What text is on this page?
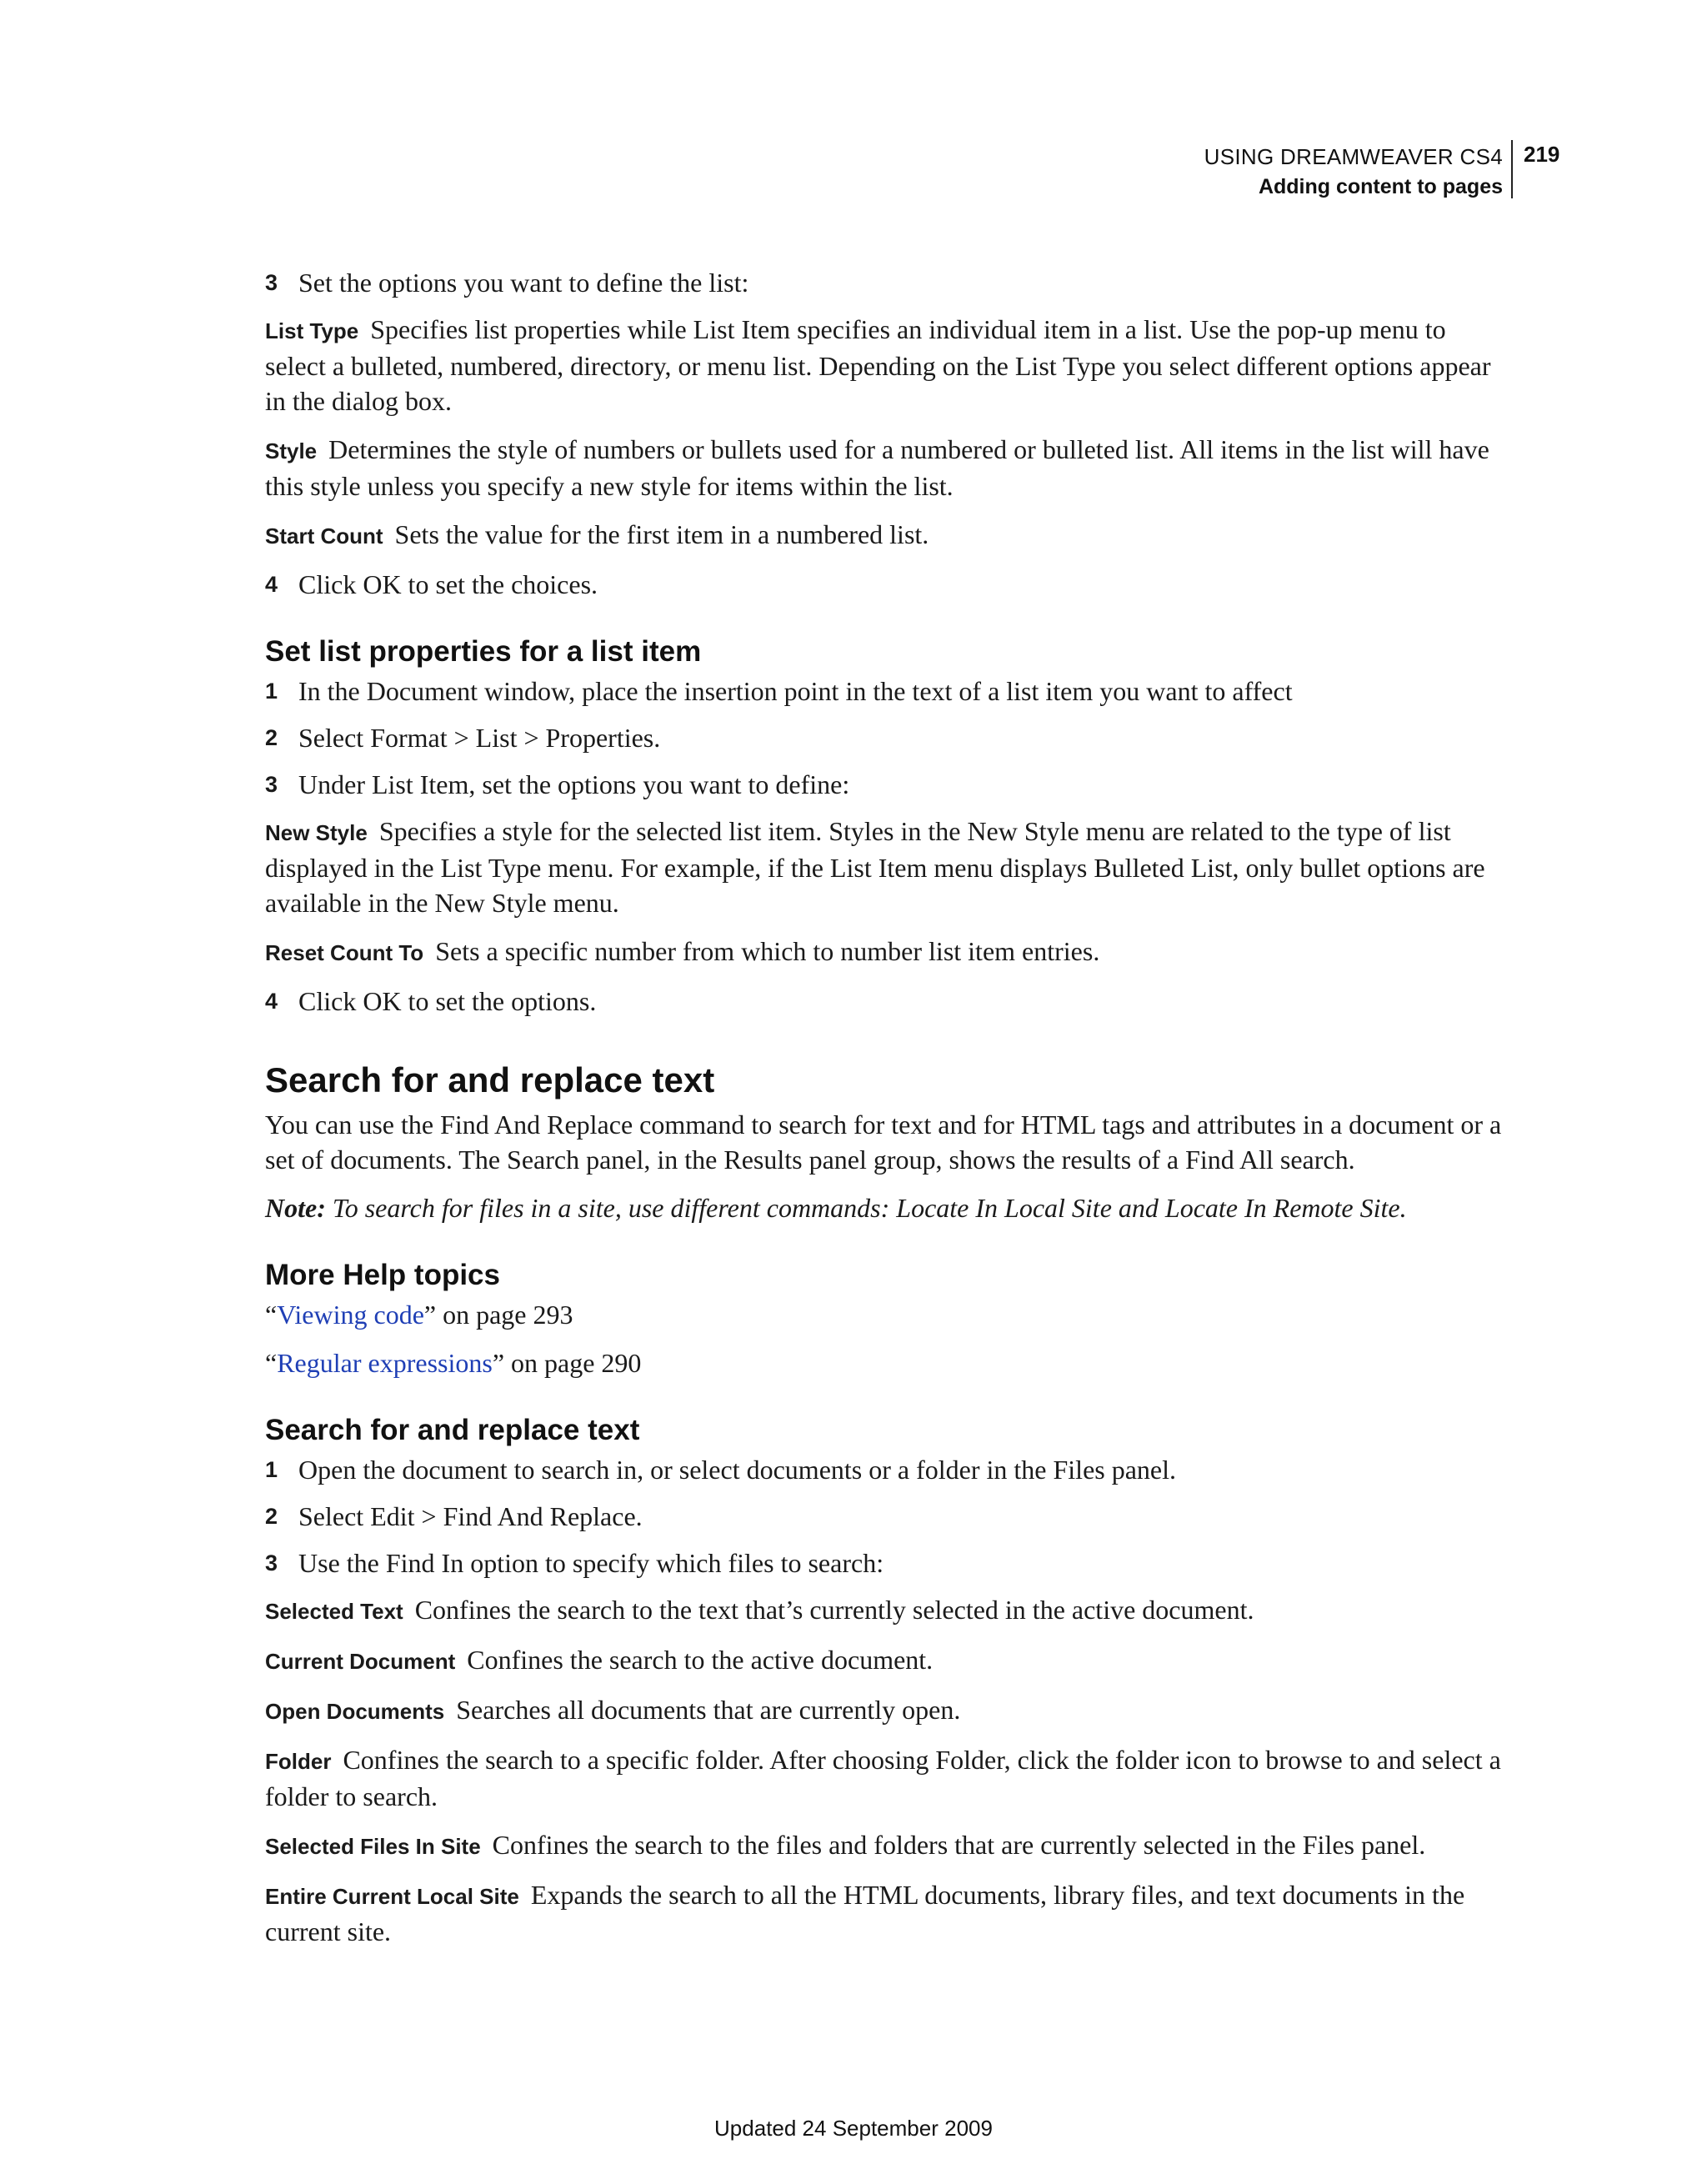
USING DREAMWEAVER CS4
Adding content to pages
219
3 Set the options you want to define the list:
List Type Specifies list properties while List Item specifies an individual item in a list. Use the pop-up menu to select a bulleted, numbered, directory, or menu list. Depending on the List Type you select different options appear in the dialog box.
Style Determines the style of numbers or bullets used for a numbered or bulleted list. All items in the list will have this style unless you specify a new style for items within the list.
Start Count Sets the value for the first item in a numbered list.
4 Click OK to set the choices.
Set list properties for a list item
1 In the Document window, place the insertion point in the text of a list item you want to affect
2 Select Format > List > Properties.
3 Under List Item, set the options you want to define:
New Style Specifies a style for the selected list item. Styles in the New Style menu are related to the type of list displayed in the List Type menu. For example, if the List Item menu displays Bulleted List, only bullet options are available in the New Style menu.
Reset Count To Sets a specific number from which to number list item entries.
4 Click OK to set the options.
Search for and replace text
You can use the Find And Replace command to search for text and for HTML tags and attributes in a document or a set of documents. The Search panel, in the Results panel group, shows the results of a Find All search.
Note: To search for files in a site, use different commands: Locate In Local Site and Locate In Remote Site.
More Help topics
“Viewing code” on page 293
“Regular expressions” on page 290
Search for and replace text
1 Open the document to search in, or select documents or a folder in the Files panel.
2 Select Edit > Find And Replace.
3 Use the Find In option to specify which files to search:
Selected Text Confines the search to the text that’s currently selected in the active document.
Current Document Confines the search to the active document.
Open Documents Searches all documents that are currently open.
Folder Confines the search to a specific folder. After choosing Folder, click the folder icon to browse to and select a folder to search.
Selected Files In Site Confines the search to the files and folders that are currently selected in the Files panel.
Entire Current Local Site Expands the search to all the HTML documents, library files, and text documents in the current site.
Updated 24 September 2009
